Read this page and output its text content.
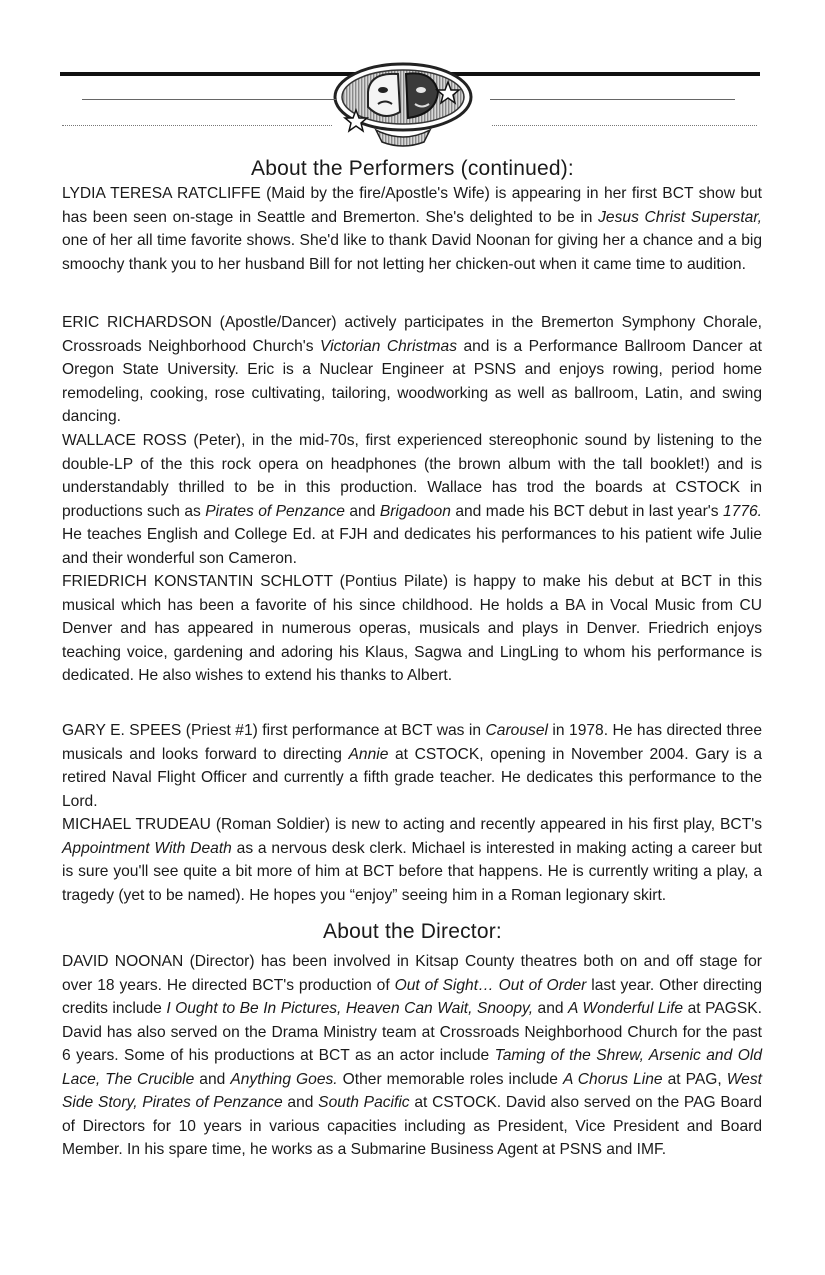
About the Performers (continued):
LYDIA TERESA RATCLIFFE (Maid by the fire/Apostle's Wife) is appearing in her first BCT show but has been seen on-stage in Seattle and Bremerton. She's delighted to be in Jesus Christ Superstar, one of her all time favorite shows. She'd like to thank David Noonan for giving her a chance and a big smoochy thank you to her husband Bill for not letting her chicken-out when it came time to audition.
ERIC RICHARDSON (Apostle/Dancer) actively participates in the Bremerton Symphony Chorale, Crossroads Neighborhood Church's Victorian Christmas and is a Performance Ballroom Dancer at Oregon State University. Eric is a Nuclear Engineer at PSNS and enjoys rowing, period home remodeling, cooking, rose cultivating, tailoring, woodworking as well as ballroom, Latin, and swing dancing.
WALLACE ROSS (Peter), in the mid-70s, first experienced stereophonic sound by listening to the double-LP of the this rock opera on headphones (the brown album with the tall booklet!) and is understandably thrilled to be in this production. Wallace has trod the boards at CSTOCK in productions such as Pirates of Penzance and Brigadoon and made his BCT debut in last year's 1776. He teaches English and College Ed. at FJH and dedicates his performances to his patient wife Julie and their wonderful son Cameron.
FRIEDRICH KONSTANTIN SCHLOTT (Pontius Pilate) is happy to make his debut at BCT in this musical which has been a favorite of his since childhood. He holds a BA in Vocal Music from CU Denver and has appeared in numerous operas, musicals and plays in Denver. Friedrich enjoys teaching voice, gardening and adoring his Klaus, Sagwa and LingLing to whom his performance is dedicated. He also wishes to extend his thanks to Albert.
GARY E. SPEES (Priest #1) first performance at BCT was in Carousel in 1978. He has directed three musicals and looks forward to directing Annie at CSTOCK, opening in November 2004. Gary is a retired Naval Flight Officer and currently a fifth grade teacher. He dedicates this performance to the Lord.
MICHAEL TRUDEAU (Roman Soldier) is new to acting and recently appeared in his first play, BCT's Appointment With Death as a nervous desk clerk. Michael is interested in making acting a career but is sure you'll see quite a bit more of him at BCT before that happens. He is currently writing a play, a tragedy (yet to be named). He hopes you “enjoy” seeing him in a Roman legionary skirt.
About the Director:
DAVID NOONAN (Director) has been involved in Kitsap County theatres both on and off stage for over 18 years. He directed BCT's production of Out of Sight… Out of Order last year. Other directing credits include I Ought to Be In Pictures, Heaven Can Wait, Snoopy, and A Wonderful Life at PAGSK. David has also served on the Drama Ministry team at Crossroads Neighborhood Church for the past 6 years. Some of his productions at BCT as an actor include Taming of the Shrew, Arsenic and Old Lace, The Crucible and Anything Goes. Other memorable roles include A Chorus Line at PAG, West Side Story, Pirates of Penzance and South Pacific at CSTOCK. David also served on the PAG Board of Directors for 10 years in various capacities including as President, Vice President and Board Member. In his spare time, he works as a Submarine Business Agent at PSNS and IMF.
